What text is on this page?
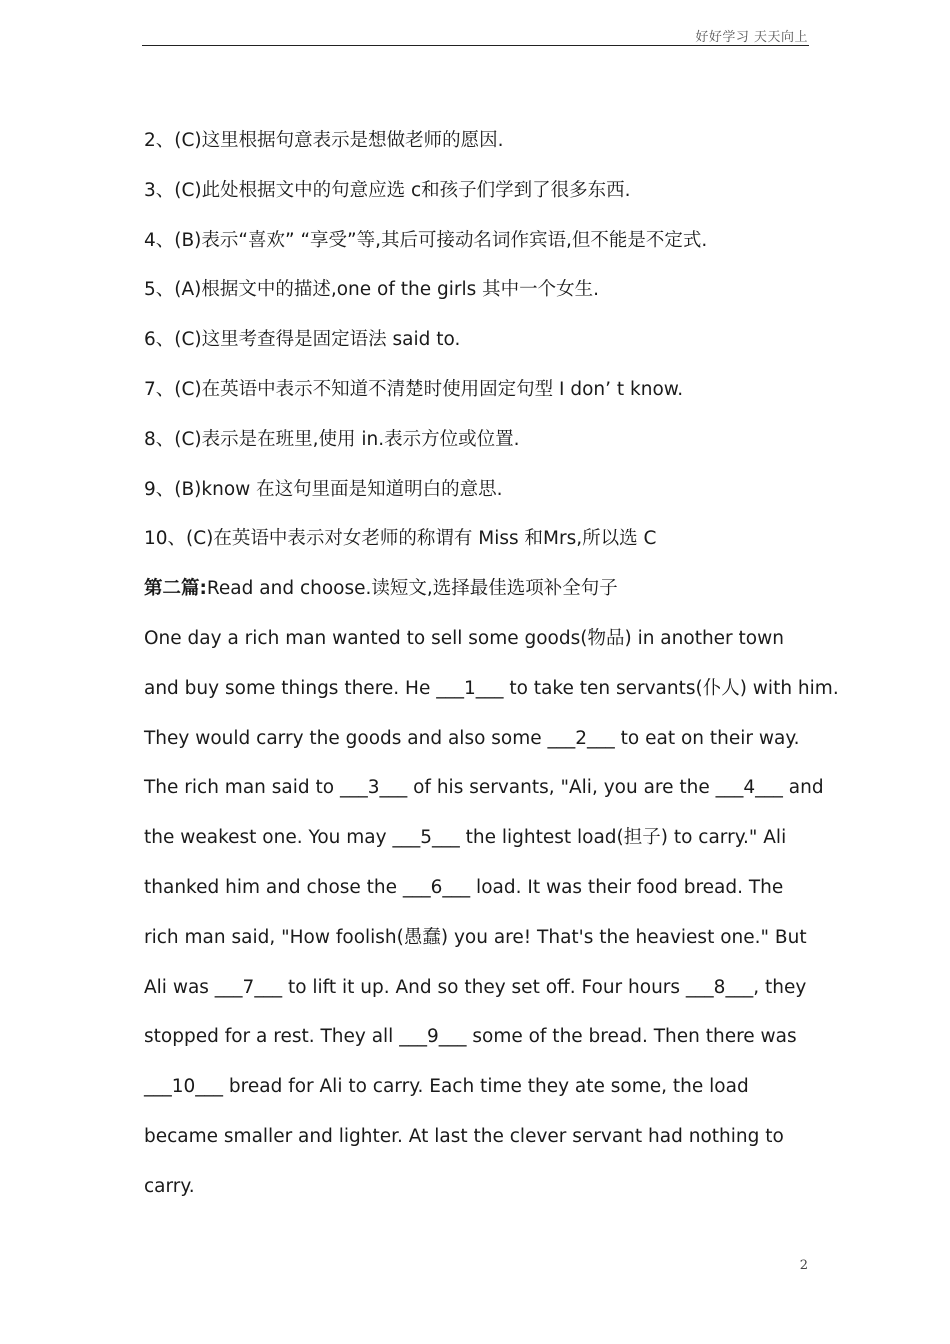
好好学习 天天向上
2、(C)这里根据句意表示是想做老师的愿因.
3、(C)此处根据文中的句意应选 c和孩子们学到了很多东西.
4、(B)表示“喜欢” “享受”等,其后可接动名词作宾语,但不能是不定式.
5、(A)根据文中的描述,one of the girls 其中一个女生.
6、(C)这里考查得是固定语法 said to.
7、(C)在英语中表示不知道不清楚时使用固定句型 I don’ t know.
8、(C)表示是在班里,使用 in.表示方位或位置.
9、(B)know 在这句里面是知道明白的意思.
10、(C)在英语中表示对女老师的称谓有 Miss 和Mrs,所以选 C
第二篇:Read and choose.读短文,选择最佳选项补全句子
One day a rich man wanted to sell some goods(物品) in another town
and buy some things there. He ___1___ to take ten servants(仆人) with him.
They would carry the goods and also some ___2___ to eat on their way.
The rich man said to ___3___ of his servants, "Ali, you are the ___4___ and
the weakest one. You may ___5___ the lightest load(担子) to carry." Ali
thanked him and chose the ___6___ load. It was their food bread. The
rich man said, "How foolish(愚蠢) you are! That's the heaviest one." But
Ali was ___7___ to lift it up. And so they set off. Four hours ___8___, they
stopped for a rest. They all ___9___ some of the bread. Then there was
___10___ bread for Ali to carry. Each time they ate some, the load
became smaller and lighter. At last the clever servant had nothing to
carry.
2
